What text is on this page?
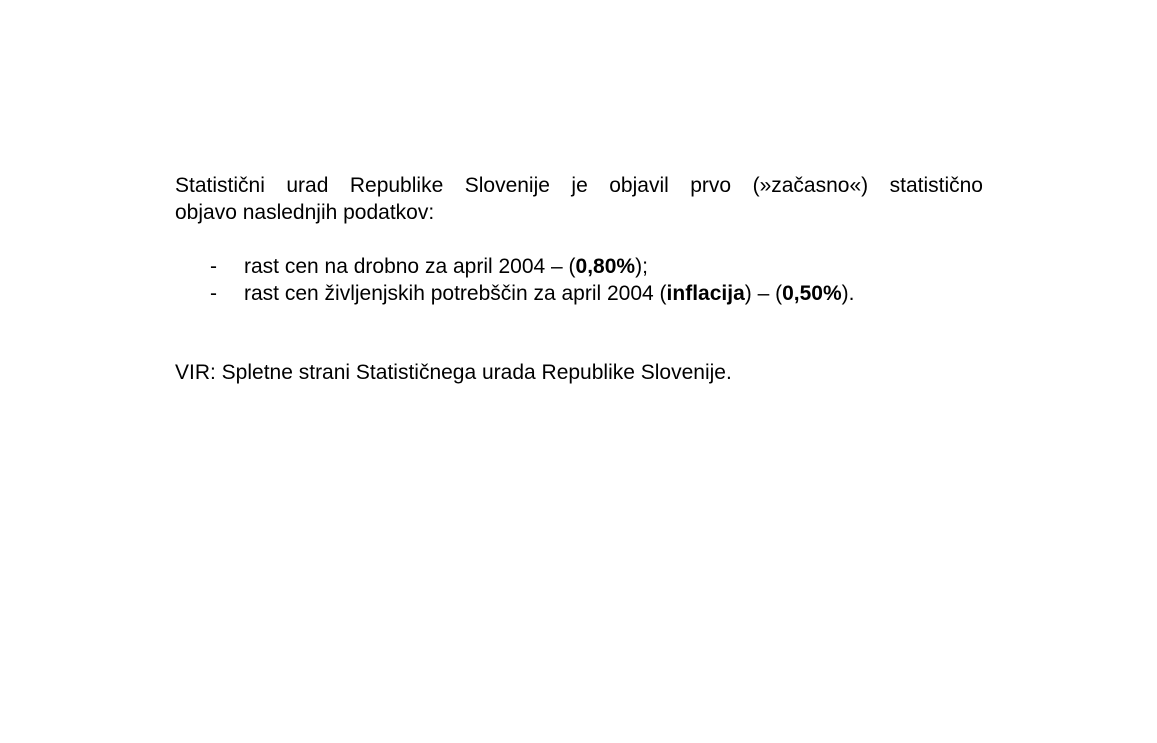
Statistični urad Republike Slovenije je objavil prvo (»začasno«) statistično
objavo naslednjih podatkov:

- rast cen na drobno za april 2004 – (0,80%);
- rast cen življenjskih potrebščin za april 2004 (inflacija) – (0,50%).

VIR: Spletne strani Statističnega urada Republike Slovenije.
